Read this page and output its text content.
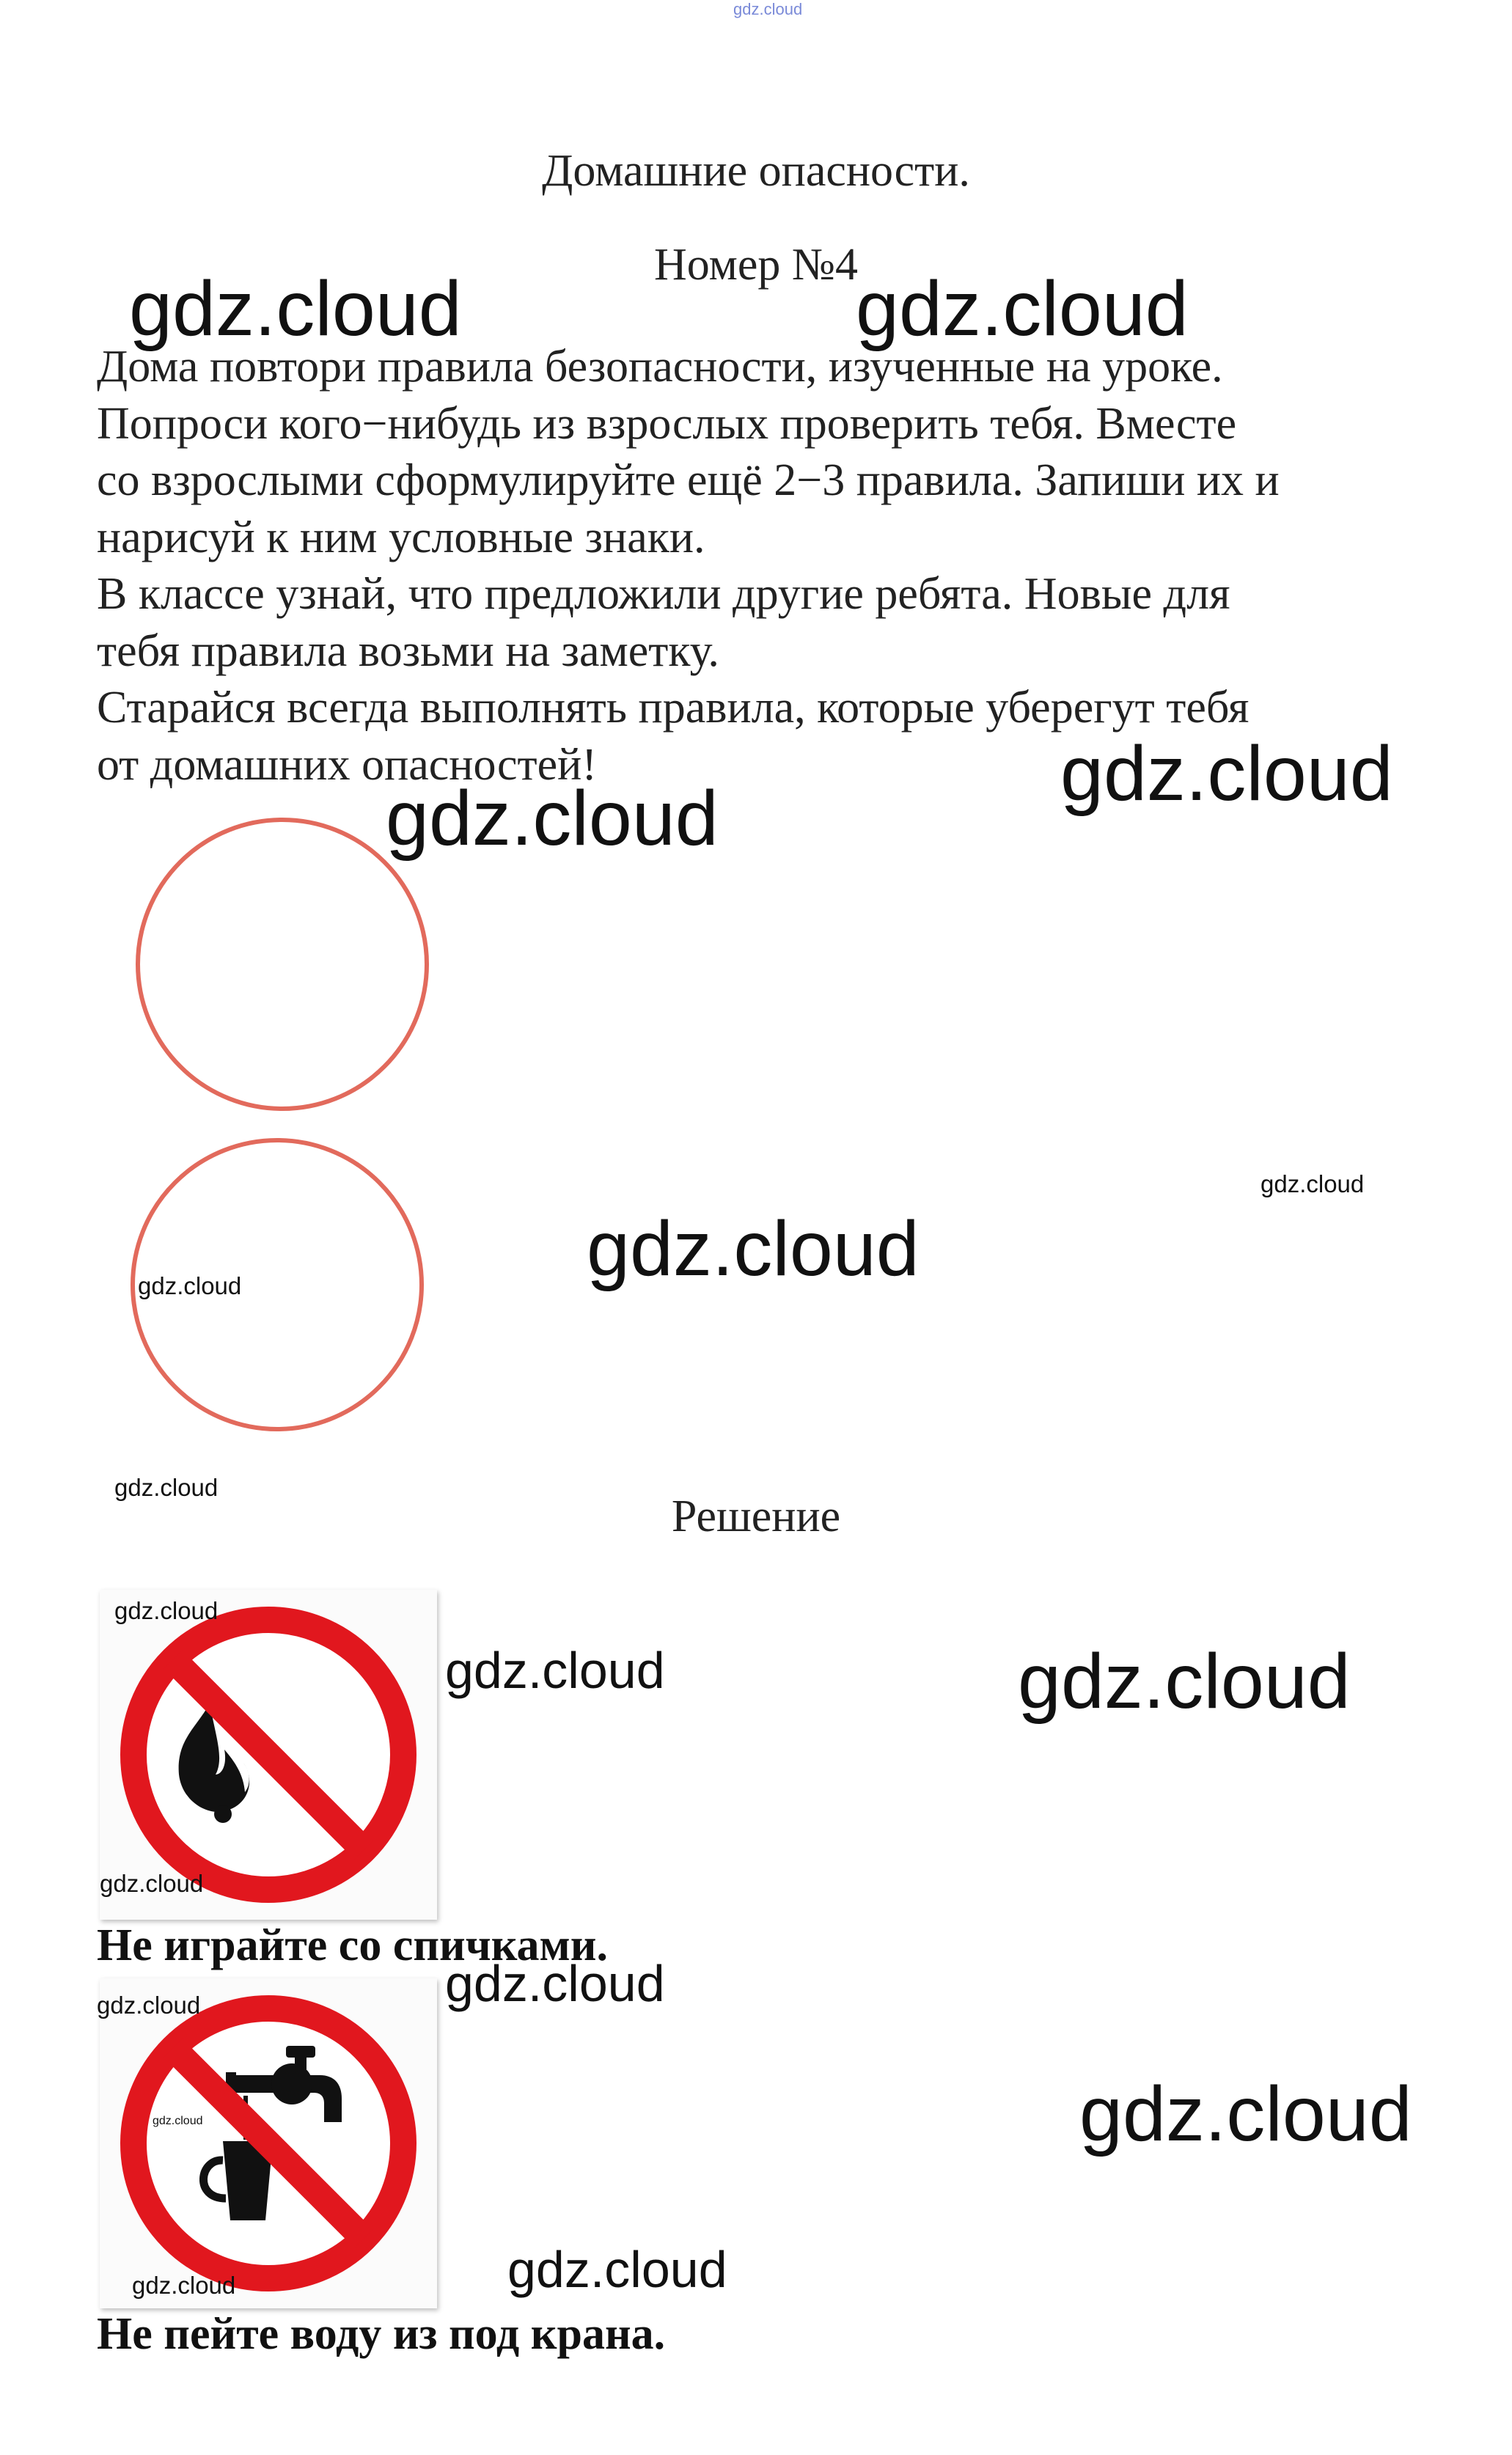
gdz.cloud
Домашние опасности.
Номер №4
Дома повтори правила безопасности, изученные на уроке.
Попроси кого−нибудь из взрослых проверить тебя. Вместе
со взрослыми сформулируйте ещё 2−3 правила. Запиши их и
нарисуй к ним условные знаки.
В классе узнай, что предложили другие ребята. Новые для
тебя правила возьми на заметку.
Старайся всегда выполнять правила, которые уберегут тебя
от домашних опасностей!
Решение
Не играйте со спичками.
Не пейте воду из под крана.
gdz.cloud	gdz.cloud
gdz.cloud
gdz.cloud
gdz.cloud
gdz.cloud
gdz.cloud
gdz.cloud
gdz.cloud
gdz.cloud	gdz.cloud
gdz.cloud
gdz.cloud
gdz.cloud
gdz.cloud	gdz.cloud
gdz.cloud
gdz.cloud
